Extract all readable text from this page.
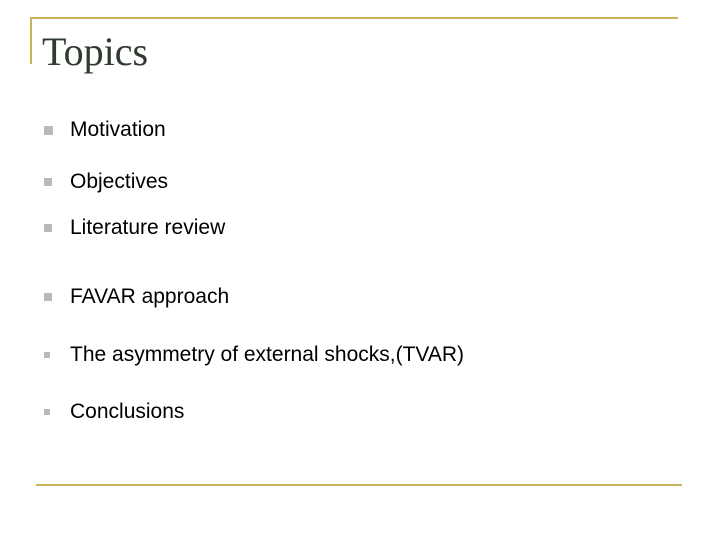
Topics
Motivation
Objectives
Literature review
FAVAR approach
The asymmetry of external shocks,(TVAR)
Conclusions
